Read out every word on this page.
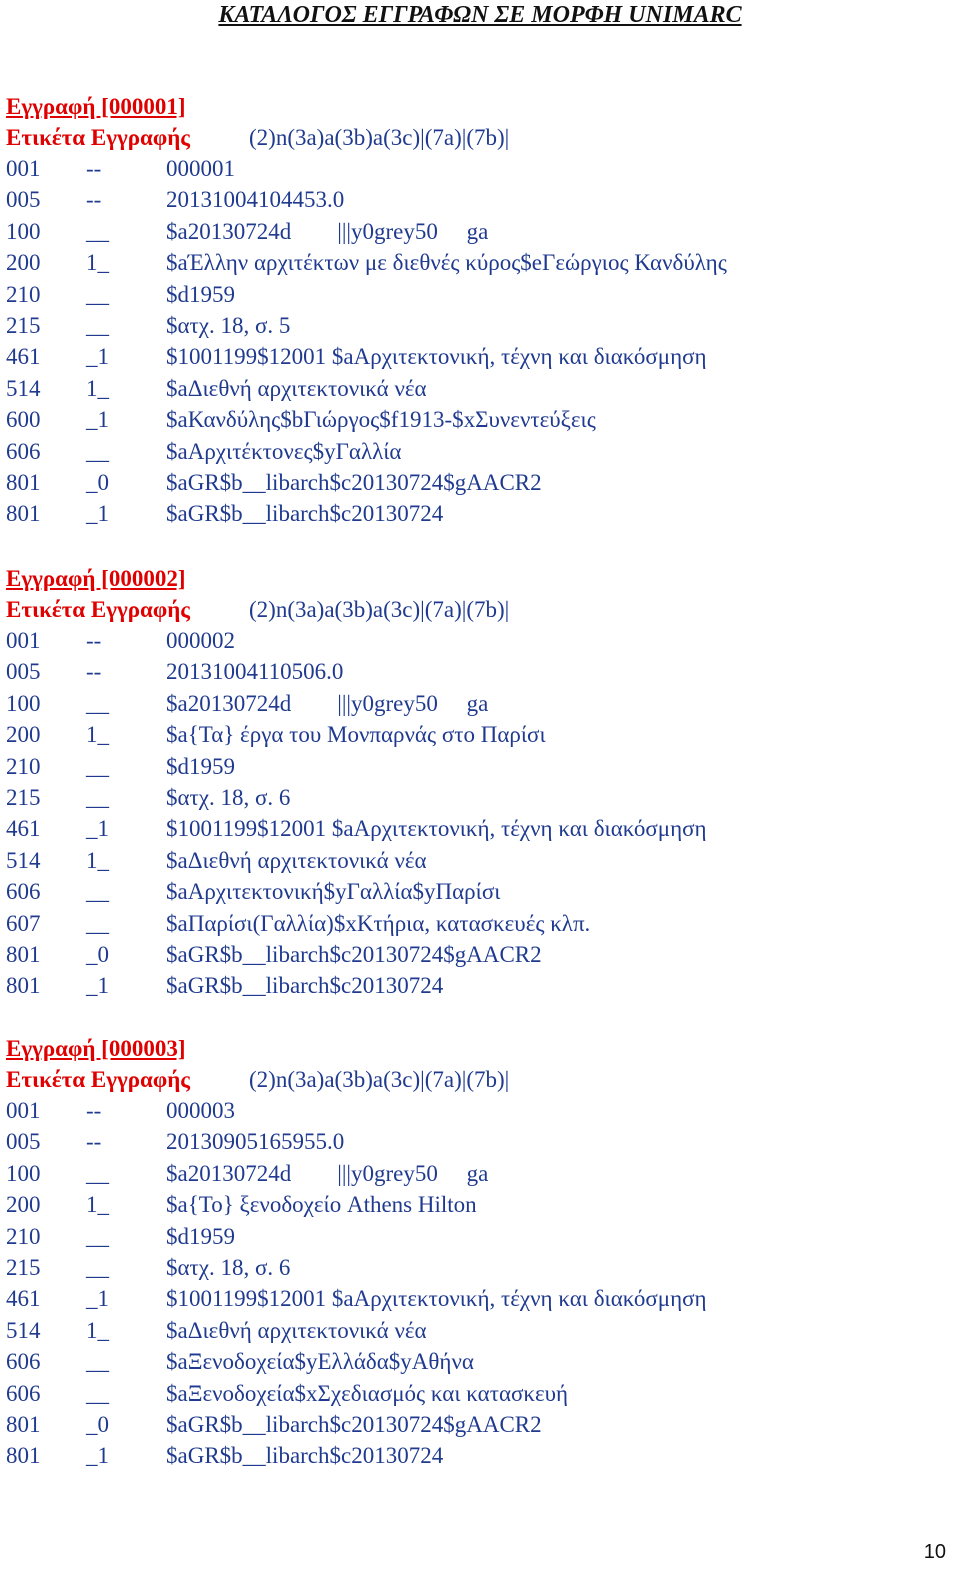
ΚΑΤΑΛΟΓΟΣ ΕΓΓΡΑΦΩΝ ΣΕ ΜΟΡΦΗ UNIMARC
Εγγραφή [000001]
Ετικέτα Εγγραφής	(2)n(3a)a(3b)a(3c)|(7a)|(7b)|
001	--	000001
005	--	20131004104453.0
100	__	$a20130724d        |||y0grey50     ga
200	1_	$aΈλλην αρχιτέκτων με διεθνές κύρος$eΓεώργιος Κανδύλης
210	__	$d1959
215	__	$ατχ. 18, σ. 5
461	_1	$1001199$12001 $aΑρχιτεκτονική, τέχνη και διακόσμηση
514	1_	$aΔιεθνή αρχιτεκτονικά νέα
600	_1	$aΚανδύλης$bΓιώργος$f1913-$xΣυνεντεύξεις
606	__	$aΑρχιτέκτονες$yΓαλλία
801	_0	$aGR$b__libarch$c20130724$gAACR2
801	_1	$aGR$b__libarch$c20130724
Εγγραφή [000002]
Ετικέτα Εγγραφής	(2)n(3a)a(3b)a(3c)|(7a)|(7b)|
001	--	000002
005	--	20131004110506.0
100	__	$a20130724d        |||y0grey50     ga
200	1_	$a{Τα} έργα του Μονπαρνάς στο Παρίσι
210	__	$d1959
215	__	$ατχ. 18, σ. 6
461	_1	$1001199$12001 $aΑρχιτεκτονική, τέχνη και διακόσμηση
514	1_	$aΔιεθνή αρχιτεκτονικά νέα
606	__	$aΑρχιτεκτονική$yΓαλλία$yΠαρίσι
607	__	$aΠαρίσι(Γαλλία)$xΚτήρια, κατασκευές κλπ.
801	_0	$aGR$b__libarch$c20130724$gAACR2
801	_1	$aGR$b__libarch$c20130724
Εγγραφή [000003]
Ετικέτα Εγγραφής	(2)n(3a)a(3b)a(3c)|(7a)|(7b)|
001	--	000003
005	--	20130905165955.0
100	__	$a20130724d        |||y0grey50     ga
200	1_	$a{Το} ξενοδοχείο Athens Hilton
210	__	$d1959
215	__	$ατχ. 18, σ. 6
461	_1	$1001199$12001 $aΑρχιτεκτονική, τέχνη και διακόσμηση
514	1_	$aΔιεθνή αρχιτεκτονικά νέα
606	__	$aΞενοδοχεία$yΕλλάδα$yΑθήνα
606	__	$aΞενοδοχεία$xΣχεδιασμός και κατασκευή
801	_0	$aGR$b__libarch$c20130724$gAACR2
801	_1	$aGR$b__libarch$c20130724
10
